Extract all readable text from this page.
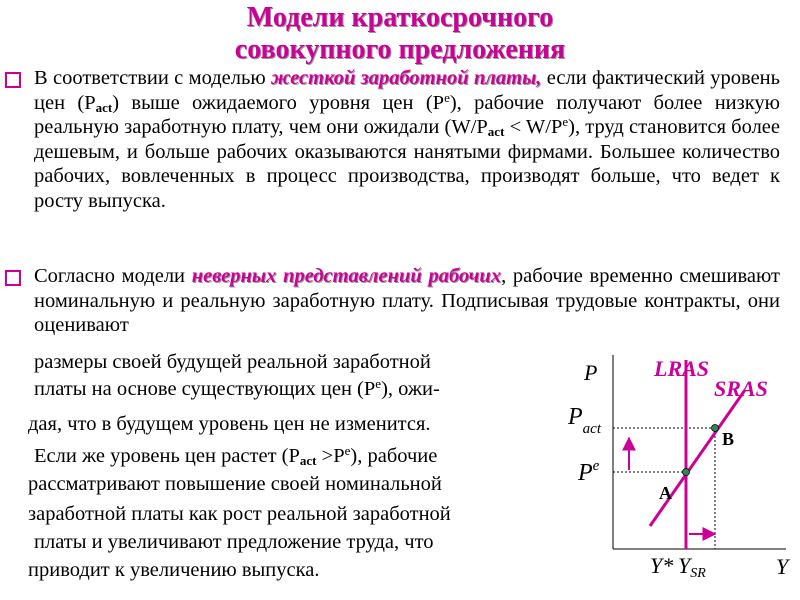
Модели краткосрочного
совокупного предложения
В соответствии с моделью жесткой заработной платы, если фактический уровень цен $(P_{act})$ выше ожидаемого уровня цен $(P^e)$, рабочие получают более низкую реальную заработную плату, чем они ожидали $(W/P_{act} < W/P^e)$, труд становится более дешевым, и больше рабочих оказываются нанятыми фирмами. Большее количество рабочих, вовлеченных в процесс производства, производят больше, что ведет к росту выпуска.
Согласно модели неверных представлений рабочих, рабочие временно смешивают номинальную и реальную заработную плату. Подписывая трудовые контракты, они оценивают
размеры своей будущей реальной заработной
платы на основе существующих цен $(P^e)$, ожи-
дая, что в будущем уровень цен не изменится.
Если же уровень цен растет $(P_{act} >P^e)$, рабочие
рассматривают повышение своей номинальной
заработной платы как рост реальной заработной
платы и увеличивают предложение труда, что
приводит к увеличению выпуска.
P
Y
LRAS
SRAS
$P_{act}$
$P^e$
A
B
Y* YSR
